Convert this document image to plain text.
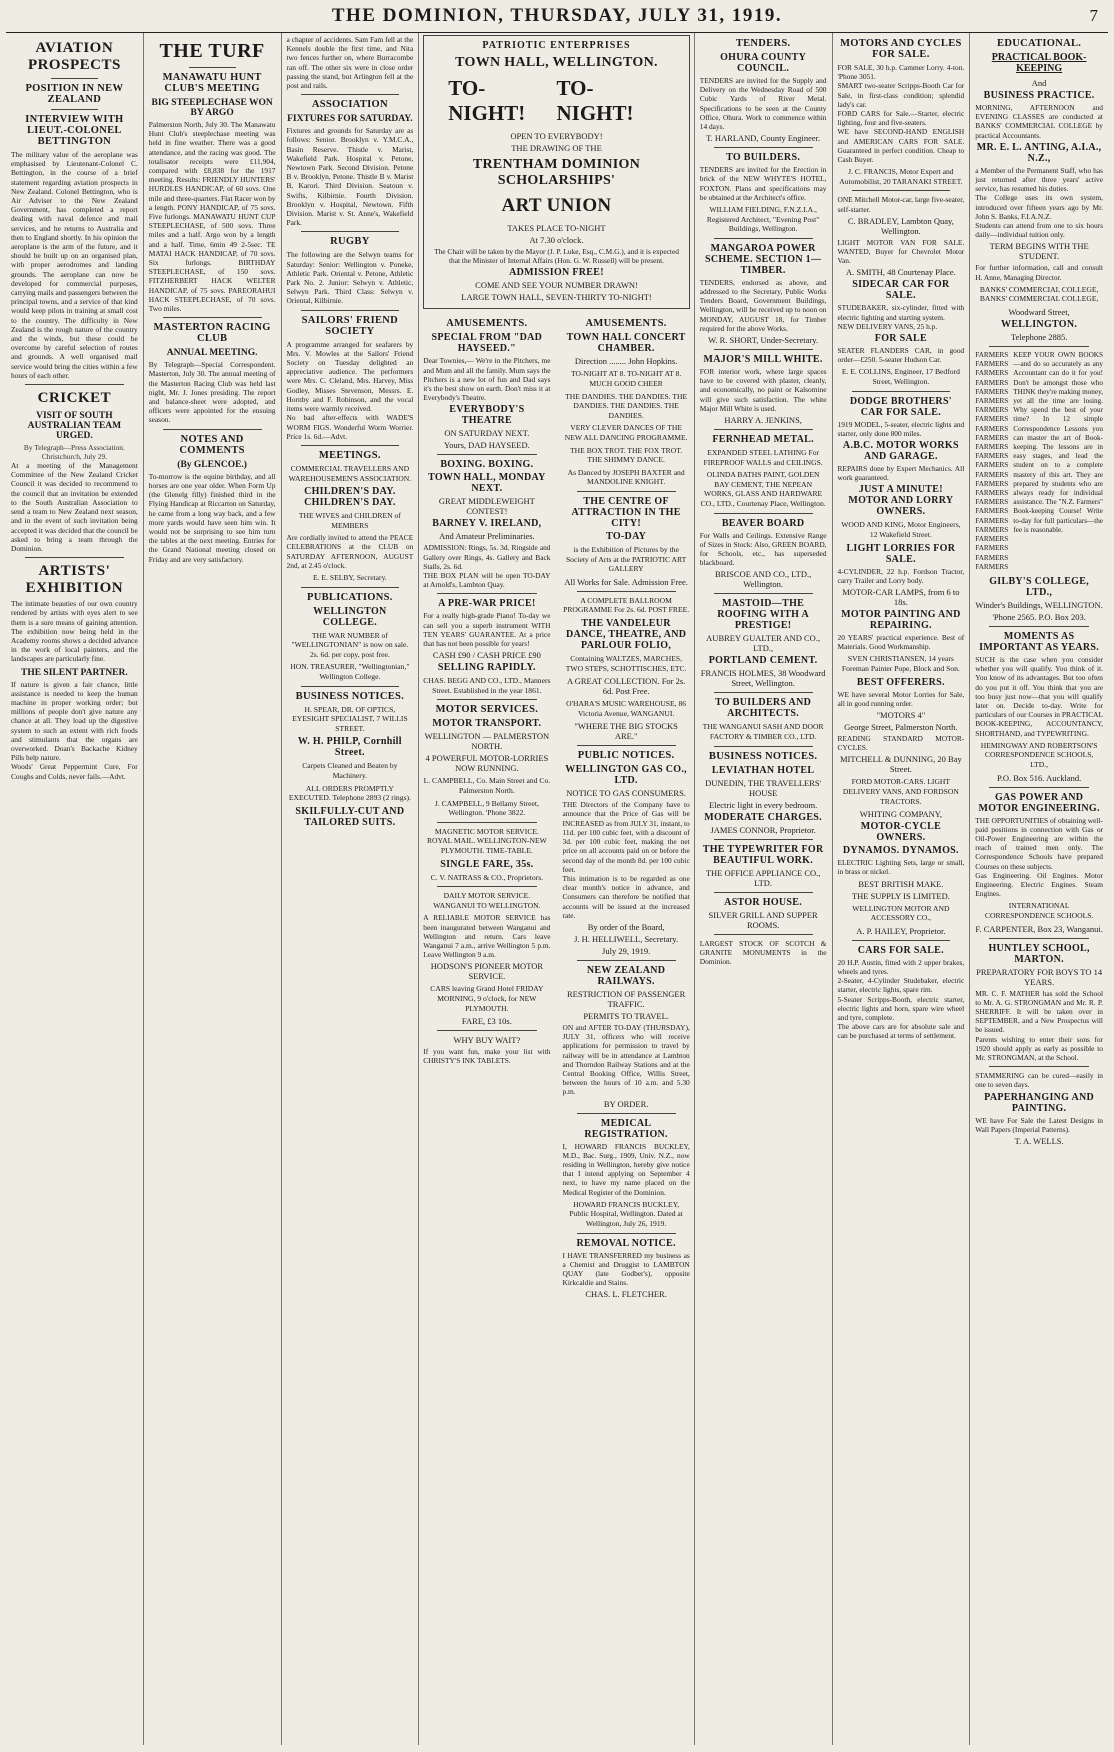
THE DOMINION, THURSDAY, JULY 31, 1919.	7
AVIATION PROSPECTS
POSITION IN NEW ZEALAND
INTERVIEW WITH LIEUT.-COLONEL BETTINGTON

The military value of the aeroplane was emphasised by Lieutenant-Colonel C. Bettington, in the course of a brief statement regarding aviation prospects in New Zealand. Colonel Bettington, who is Air Adviser to the New Zealand Government, has completed a report dealing with naval defence and mail services, and he returns to Australia and then to England shortly. In his opinion the aeroplane is the arm of the future, and it should be built up on an organised plan, with proper aerodromes and landing grounds. The aeroplane can now be developed for commercial purposes, carrying mails and passengers between the principal towns, and a service of that kind would keep pilots in training at small cost to the country. The difficulty in New Zealand is the rough nature of the country and the winds, but these could be overcome by careful selection of routes and grounds. A well organised mail service would bring the cities within a few hours of each other.

CRICKET
VISIT OF SOUTH AUSTRALIAN TEAM URGED.
By Telegraph—Press Association. Christchurch, July 29.

At a meeting of the Management Committee of the New Zealand Cricket Council it was decided to recommend to the council that an invitation be extended to the South Australian Association to send a team to New Zealand next season, and in the event of such invitation being accepted it was decided that the council be asked to bring a team through the Dominion.

ARTISTS' EXHIBITION

The intimate beauties of our own country rendered by artists with eyes alert to see them is a sure means of gaining attention. The exhibition now being held in the Academy rooms shows a decided advance in the work of local painters, and the landscapes are particularly fine.

THE SILENT PARTNER.

If nature is given a fair chance, little assistance is needed to keep the human machine in proper working order; but millions of people don't give nature any chance at all. They load up the digestive system to such an extent with rich foods and stimulants that the organs are overworked. Doan's Backache Kidney Pills help nature.

Woods' Great Peppermint Cure, For Coughs and Colds, never fails.—Advt.

THE TURF
MANAWATU HUNT CLUB'S MEETING
BIG STEEPLECHASE WON BY ARGO

Palmerston North, July 30. The Manawatu Hunt Club's steeplechase meeting was held in fine weather. There was a good attendance, and the racing was good. The totalisator receipts were £11,904, compared with £8,838 for the 1917 meeting. Results: FRIENDLY HUNTERS' HURDLES HANDICAP, of 60 sovs. One mile and three-quarters. Flat Racer won by a length. PONY HANDICAP, of 75 sovs. Five furlongs. MANAWATU HUNT CUP STEEPLECHASE, of 500 sovs. Three miles and a half. Argo won by a length and a half. Time, 6min 49 2-5sec. TE MATAI HACK HANDICAP, of 70 sovs. Six furlongs. BIRTHDAY STEEPLECHASE, of 150 sovs. FITZHERBERT HACK WELTER HANDICAP, of 75 sovs. PAREORAHUI HACK STEEPLECHASE, of 70 sovs. Two miles.

MASTERTON RACING CLUB
ANNUAL MEETING.

By Telegraph—Special Correspondent. Masterton, July 30. The annual meeting of the Masterton Racing Club was held last night, Mr. J. Jones presiding. The report and balance-sheet were adopted, and officers were appointed for the ensuing season.

NOTES AND COMMENTS
(By GLENCOE.)

To-morrow is the equine birthday, and all horses are one year older. When Form Up (the Glenelg filly) finished third in the Flying Handicap at Riccarton on Saturday, he came from a long way back, and a few more yards would have seen him win. It would not be surprising to see him turn the tables at the next meeting. Entries for the Grand National meeting closed on Friday and are very satisfactory.

a chapter of accidents. Sam Fam fell at the Kennels double the first time, and Nita two fences further on, where Burracombe ran off. The other six were in close order passing the stand, but Arlington fell at the post and rails.

ASSOCIATION
FIXTURES FOR SATURDAY.

Fixtures and grounds for Saturday are as follows: Senior. Brooklyn v. Y.M.C.A., Basin Reserve. Thistle v. Marist, Wakefield Park. Hospital v. Petone, Newtown Park. Second Division. Petone B v. Brooklyn, Petone. Thistle B v. Marist B, Karori. Third Division. Seatoun v. Swifts, Kilbirnie. Fourth Division. Brooklyn v. Hospital, Newtown. Fifth Division. Marist v. St. Anne's, Wakefield Park.

RUGBY

The following are the Selwyn teams for Saturday: Senior: Wellington v. Poneke, Athletic Park. Oriental v. Petone, Athletic Park No. 2. Junior: Selwyn v. Athletic, Selwyn Park. Third Class: Selwyn v. Oriental, Kilbirnie.

SAILORS' FRIEND SOCIETY

A programme arranged for seafarers by Mrs. V. Mowles at the Sailors' Friend Society on Tuesday delighted an appreciative audience. The performers were Mrs. C. Cleland, Mrs. Harvey, Miss Godley, Misses Stevenson, Messrs. E. Hornby and F. Robinson, and the vocal items were warmly received.

No bad after-effects with WADE'S WORM FIGS. Wonderful Worm Worrier. Price 1s. 6d.—Advt.

MEETINGS.
COMMERCIAL TRAVELLERS AND WAREHOUSEMEN'S ASSOCIATION.
CHILDREN'S DAY. CHILDREN'S DAY.
THE WIVES and CHILDREN of MEMBERS

Are cordially invited to attend the PEACE CELEBRATIONS at the CLUB on SATURDAY AFTERNOON, AUGUST 2nd, at 2.45 o'clock.

E. E. SELBY, Secretary.
PUBLICATIONS.
WELLINGTON COLLEGE.
THE WAR NUMBER of "WELLINGTONIAN" is now on sale. 2s. 6d. per copy, post free.
HON. TREASURER, "Wellingtonian," Wellington College.
BUSINESS NOTICES.
H. SPEAR, DR. OF OPTICS, EYESIGHT SPECIALIST, 7 WILLIS STREET.
W. H. PHILP, Cornhill Street.
Carpets Cleaned and Beaten by Machinery.
ALL ORDERS PROMPTLY EXECUTED. Telephone 2893 (2 rings).
SKILFULLY-CUT AND TAILORED SUITS.
PATRIOTIC ENTERPRISES
TOWN HALL, WELLINGTON.
TO-NIGHT!
TO-NIGHT!
OPEN TO EVERYBODY!
THE DRAWING OF THE
TRENTHAM DOMINION SCHOLARSHIPS'
ART UNION
TAKES PLACE TO-NIGHT
At 7.30 o'clock.

The Chair will be taken by the Mayor (J. P. Luke, Esq., C.M.G.), and it is expected that the Minister of Internal Affairs (Hon. G. W. Russell) will be present.

ADMISSION FREE!
COME AND SEE YOUR NUMBER DRAWN!
LARGE TOWN HALL, SEVEN-THIRTY TO-NIGHT!
AMUSEMENTS.
SPECIAL FROM "DAD HAYSEED."

Dear Townies,— We're in the Pitchers, me and Mum and all the family. Mum says the Pitchers is a new lot of fun and Dad says it's the best show on earth. Don't miss it at Everybody's Theatre.

EVERYBODY'S THEATRE
ON SATURDAY NEXT.
Yours, DAD HAYSEED.
BOXING. BOXING.
TOWN HALL, MONDAY NEXT.
GREAT MIDDLEWEIGHT CONTEST!
BARNEY V. IRELAND,
And Amateur Preliminaries.

ADMISSION: Rings, 5s. 3d. Ringside and Gallery over Rings, 4s. Gallery and Back Stalls, 2s. 6d.

THE BOX PLAN will be open TO-DAY at Arnold's, Lambton Quay.

A PRE-WAR PRICE!

For a really high-grade Piano! To-day we can sell you a superb instrument WITH TEN YEARS' GUARANTEE. At a price that has not been possible for years!

CASH £90 / CASH PRICE £90
SELLING RAPIDLY.
CHAS. BEGG AND CO., LTD., Manners Street. Established in the year 1861.
MOTOR SERVICES.
MOTOR TRANSPORT.
WELLINGTON — PALMERSTON NORTH.
4 POWERFUL MOTOR-LORRIES NOW RUNNING.
L. CAMPBELL, Co. Main Street and Co. Palmerston North.
J. CAMPBELL, 9 Bellamy Street, Wellington. 'Phone 3822.
MAGNETIC MOTOR SERVICE. ROYAL MAIL. WELLINGTON-NEW PLYMOUTH. TIME-TABLE.
SINGLE FARE, 35s.
C. V. NATRASS & CO., Proprietors.
DAILY MOTOR SERVICE. WANGANUI TO WELLINGTON.

A RELIABLE MOTOR SERVICE has been inaugurated between Wanganui and Wellington and return. Cars leave Wanganui 7 a.m., arrive Wellington 5 p.m. Leave Wellington 9 a.m.

HODSON'S PIONEER MOTOR SERVICE.
CARS leaving Grand Hotel FRIDAY MORNING, 9 o'clock, for NEW PLYMOUTH.
FARE, £3 10s.
WHY BUY WAIT?

If you want fun, make your list with CHRISTY'S INK TABLETS.

AMUSEMENTS.
TOWN HALL CONCERT CHAMBER.
Direction ........ John Hopkins.
TO-NIGHT AT 8. TO-NIGHT AT 8. MUCH GOOD CHEER
THE DANDIES. THE DANDIES. THE DANDIES. THE DANDIES. THE DANDIES.
VERY CLEVER DANCES OF THE NEW ALL DANCING PROGRAMME.
THE BOX TROT. THE FOX TROT. THE SHIMMY DANCE.
As Danced by JOSEPH BAXTER and MANDOLINE KNIGHT.
THE CENTRE OF ATTRACTION IN THE CITY!
TO-DAY
is the Exhibition of Pictures by the Society of Arts at the PATRIOTIC ART GALLERY
All Works for Sale. Admission Free.
A COMPLETE BALLROOM PROGRAMME For 2s. 6d. POST FREE.
THE VANDELEUR DANCE, THEATRE, AND PARLOUR FOLIO,
Containing WALTZES, MARCHES, TWO STEPS, SCHOTTISCHES, ETC.
A GREAT COLLECTION. For 2s. 6d. Post Free.
O'HARA'S MUSIC WAREHOUSE, 86 Victoria Avenue, WANGANUI.
"WHERE THE BIG STOCKS ARE."
PUBLIC NOTICES.
WELLINGTON GAS CO., LTD.
NOTICE TO GAS CONSUMERS.

THE Directors of the Company have to announce that the Price of Gas will be INCREASED as from JULY 31, instant, to 11d. per 100 cubic feet, with a discount of 3d. per 100 cubic feet, making the net price on all accounts paid on or before the second day of the month 8d. per 100 cubic feet.

This intimation is to be regarded as one clear month's notice in advance, and Consumers can therefore be notified that accounts will be issued at the increased rate.

By order of the Board,
J. H. HELLIWELL, Secretary.
July 29, 1919.
NEW ZEALAND RAILWAYS.
RESTRICTION OF PASSENGER TRAFFIC.
PERMITS TO TRAVEL.

ON and AFTER TO-DAY (THURSDAY), JULY 31, officers who will receive applications for permission to travel by railway will be in attendance at Lambton and Thorndon Railway Stations and at the Central Booking Office, Willis Street, between the hours of 10 a.m. and 5.30 p.m.

BY ORDER.
MEDICAL REGISTRATION.

I, HOWARD FRANCIS BUCKLEY, M.D., Bac. Surg., 1909, Univ. N.Z., now residing in Wellington, hereby give notice that I intend applying on September 4 next, to have my name placed on the Medical Register of the Dominion.

HOWARD FRANCIS BUCKLEY, Public Hospital, Wellington. Dated at Wellington, July 26, 1919.
REMOVAL NOTICE.

I HAVE TRANSFERRED my business as a Chemist and Druggist to LAMBTON QUAY (late Godber's), opposite Kirkcaldie and Stains.

CHAS. L. FLETCHER.
TENDERS.
OHURA COUNTY COUNCIL.

TENDERS are invited for the Supply and Delivery on the Wednesday Road of 500 Cubic Yards of River Metal. Specifications to be seen at the County Office, Ohura. Work to commence within 14 days.

T. HARLAND, County Engineer.
TO BUILDERS.

TENDERS are invited for the Erection in brick of the NEW WHYTE'S HOTEL, FOXTON. Plans and specifications may be obtained at the Architect's office.

WILLIAM FIELDING, F.N.Z.I.A., Registered Architect, "Evening Post" Buildings, Wellington.
MANGAROA POWER SCHEME. SECTION 1—TIMBER.

TENDERS, endorsed as above, and addressed to the Secretary, Public Works Tenders Board, Government Buildings, Wellington, will be received up to noon on MONDAY, AUGUST 18, for Timber required for the above Works.

W. R. SHORT, Under-Secretary.
MAJOR'S MILL WHITE.

FOR interior work, where large spaces have to be covered with plaster, cleanly, and economically, no paint or Kalsomine will give such satisfaction. The white Major Mill White is used.

HARRY A. JENKINS,
FERNHEAD METAL.
EXPANDED STEEL LATHING For FIREPROOF WALLS and CEILINGS.
OLINDA BATHS PAINT, GOLDEN BAY CEMENT, THE NEPEAN WORKS, GLASS AND HARDWARE CO., LTD., Courtenay Place, Wellington.
BEAVER BOARD

For Walls and Ceilings. Extensive Range of Sizes in Stock: Also, GREEN BOARD, for Schools, etc., has superseded blackboard.

BRISCOE AND CO., LTD., Wellington.
MASTOID—THE ROOFING WITH A PRESTIGE!
AUBREY GUALTER AND CO., LTD.,
PORTLAND CEMENT.
FRANCIS HOLMES, 38 Woodward Street, Wellington.
TO BUILDERS AND ARCHITECTS.
THE WANGANUI SASH AND DOOR FACTORY & TIMBER CO., LTD.
BUSINESS NOTICES.
LEVIATHAN HOTEL
DUNEDIN, THE TRAVELLERS' HOUSE
Electric light in every bedroom.
MODERATE CHARGES.
JAMES CONNOR, Proprietor.
THE TYPEWRITER FOR BEAUTIFUL WORK.
THE OFFICE APPLIANCE CO., LTD.
ASTOR HOUSE.
SILVER GRILL AND SUPPER ROOMS.

LARGEST STOCK OF SCOTCH & GRANITE MONUMENTS in the Dominion.

MOTORS AND CYCLES FOR SALE.

FOR SALE, 30 h.p. Cammer Lorry. 4-ton. 'Phone 3051.

SMART two-seater Scripps-Booth Car for Sale, in first-class condition; splendid lady's car.

FORD CARS for Sale.—Starter, electric lighting, four and five-seaters.

WE have SECOND-HAND ENGLISH and AMERICAN CARS FOR SALE. Guaranteed in perfect condition. Cheap to Cash Buyer.

J. C. FRANCIS, Motor Expert and Automobilist, 20 TARANAKI STREET.

ONE Mitchell Motor-car, large five-seater, self-starter.

C. BRADLEY, Lambton Quay, Wellington.

LIGHT MOTOR VAN FOR SALE. WANTED, Buyer for Chevrolet Motor Van.

A. SMITH, 48 Courtenay Place.
SIDECAR CAR FOR SALE.

STUDEBAKER, six-cylinder, fitted with electric lighting and starting system.

NEW DELIVERY VANS, 25 h.p.

FOR SALE

SEATER FLANDERS CAR, in good order—£250. 5-seater Hudson Car.

E. E. COLLINS, Engineer, 17 Bedford Street, Wellington.
DODGE BROTHERS' CAR FOR SALE.

1919 MODEL, 5-seater, electric lights and starter, only done 800 miles.

A.B.C. MOTOR WORKS AND GARAGE.

REPAIRS done by Expert Mechanics. All work guaranteed.

JUST A MINUTE! MOTOR AND LORRY OWNERS.
WOOD AND KING, Motor Engineers, 12 Wakefield Street.
LIGHT LORRIES FOR SALE.

4-CYLINDER, 22 h.p. Fordson Tractor, carry Trailer and Lorry body.

MOTOR-CAR LAMPS, from 6 to 18s.
MOTOR PAINTING AND REPAIRING.

20 YEARS' practical experience. Best of Materials. Good Workmanship.

SVEN CHRISTIANSEN, 14 years Foreman Painter Pope, Block and Son.
BEST OFFERERS.

WE have several Motor Lorries for Sale, all in good running order.

"MOTORS 4"
George Street, Palmerston North.

READING STANDARD MOTOR-CYCLES.

MITCHELL & DUNNING, 20 Bay Street.
FORD MOTOR-CARS. LIGHT DELIVERY VANS, AND FORDSON TRACTORS.
WHITING COMPANY,
MOTOR-CYCLE OWNERS.
DYNAMOS. DYNAMOS.

ELECTRIC Lighting Sets, large or small, in brass or nickel.

BEST BRITISH MAKE.
THE SUPPLY IS LIMITED.
WELLINGTON MOTOR AND ACCESSORY CO.,
A. P. HAILEY, Proprietor.
CARS FOR SALE.

20 H.P. Austin, fitted with 2 upper brakes, wheels and tyres.

2-Seater, 4-Cylinder Studebaker, electric starter, electric lights, spare rim.

5-Seater Scripps-Booth, electric starter, electric lights and horn, spare wire wheel and tyre, complete.

The above cars are for absolute sale and can be purchased at terms of settlement.

EDUCATIONAL.
PRACTICAL BOOK-KEEPING
And
BUSINESS PRACTICE.

MORNING, AFTERNOON and EVENING CLASSES are conducted at BANKS' COMMERCIAL COLLEGE by practical Accountants.

MR. E. L. ANTING, A.I.A., N.Z.,

a Member of the Permanent Staff, who has just returned after three years' active service, has resumed his duties.

The College uses its own system, introduced over fifteen years ago by Mr. John S. Banks, F.I.A.N.Z.

Students can attend from one to six hours daily—individual tuition only.

TERM BEGINS WITH THE STUDENT.

For further information, call and consult H. Anne, Managing Director.

BANKS' COMMERCIAL COLLEGE, BANKS' COMMERCIAL COLLEGE,
Woodward Street,
WELLINGTON.
Telephone 2885.
FARMERS
FARMERS
FARMERS
FARMERS
FARMERS
FARMERS
FARMERS
FARMERS
FARMERS
FARMERS
FARMERS
FARMERS
FARMERS
FARMERS
FARMERS
FARMERS
FARMERS
FARMERS
FARMERS
FARMERS
FARMERS
FARMERS
FARMERS
FARMERS
KEEP YOUR OWN BOOKS—and do so accurately as any Accountant can do it for you! Don't be amongst those who THINK they're making money, yet all the time are losing. Why spend the best of your time? In 12 simple Correspondence Lessons you can master the art of Book-keeping. The lessons are in easy stages, and lead the student on to a complete mastery of this art. They are prepared by students who are always ready for individual assistance. The "N.Z. Farmers" Book-keeping Course! Write to-day for full particulars—the fee is reasonable.
GILBY'S COLLEGE, LTD.,
Winder's Buildings, WELLINGTON.
'Phone 2565. P.O. Box 203.
MOMENTS AS IMPORTANT AS YEARS.

SUCH is the case when you consider whether you will qualify. You think of it. You know of its advantages. But too often do you put it off. You think that you are too busy just now—that you will qualify later on. Decide to-day. Write for particulars of our Courses in PRACTICAL BOOK-KEEPING, ACCOUNTANCY, SHORTHAND, and TYPEWRITING.

HEMINGWAY AND ROBERTSON'S CORRESPONDENCE SCHOOLS, LTD.,
P.O. Box 516. Auckland.
GAS POWER AND MOTOR ENGINEERING.

THE OPPORTUNITIES of obtaining well-paid positions in connection with Gas or Oil-Power Engineering are within the reach of trained men only. The Correspondence Schools have prepared Courses on these subjects.

Gas Engineering. Oil Engines. Motor Engineering. Electric Engines. Steam Engines.

INTERNATIONAL CORRESPONDENCE SCHOOLS.
F. CARPENTER, Box 23, Wanganui.
HUNTLEY SCHOOL, MARTON.
PREPARATORY FOR BOYS TO 14 YEARS.

MR. C. F. MATHER has sold the School to Mr. A. G. STRONGMAN and Mr. R. P. SHERRIFF. It will be taken over in SEPTEMBER, and a New Prospectus will be issued.

Parents wishing to enter their sons for 1920 should apply as early as possible to Mr. STRONGMAN, at the School.

STAMMERING can be cured—easily in one to seven days.

PAPERHANGING AND PAINTING.

WE have For Sale the Latest Designs in Wall Papers (Imperial Patterns).

T. A. WELLS.
